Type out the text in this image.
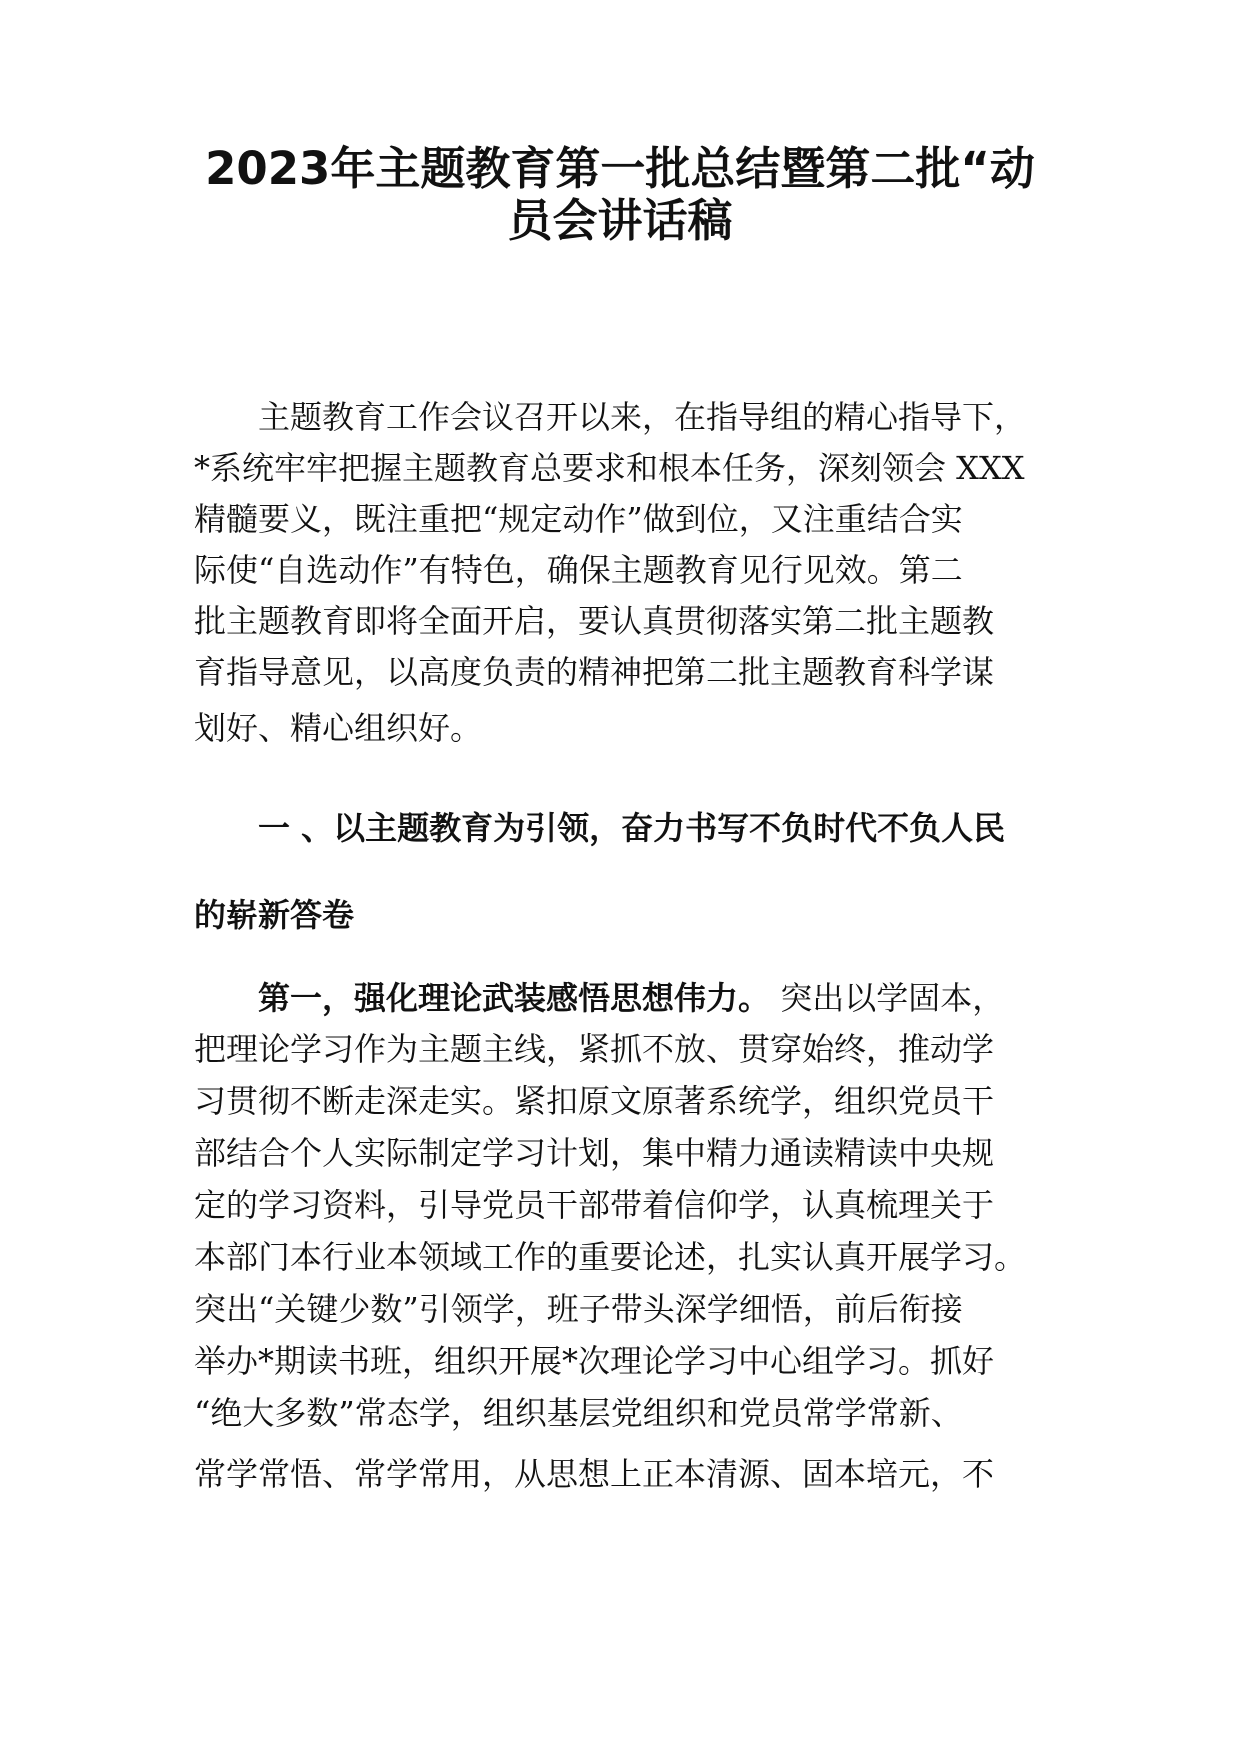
2023年主题教育第一批总结暨第二批“动
员会讲话稿
主题教育工作会议召开以来，在指导组的精心指导下，
*系统牢牢把握主题教育总要求和根本任务，深刻领会 XXX
精髓要义，既注重把“规定动作”做到位，又注重结合实
际使“自选动作”有特色，确保主题教育见行见效。第二
批主题教育即将全面开启，要认真贯彻落实第二批主题教
育指导意见，以高度负责的精神把第二批主题教育科学谋
划好、精心组织好。
一 、以主题教育为引领，奋力书写不负时代不负人民
的崭新答卷
第一，强化理论武装感悟思想伟力。 突出以学固本，
把理论学习作为主题主线，紧抓不放、贯穿始终，推动学
习贯彻不断走深走实。紧扣原文原著系统学，组织党员干
部结合个人实际制定学习计划，集中精力通读精读中央规
定的学习资料，引导党员干部带着信仰学，认真梳理关于
本部门本行业本领域工作的重要论述，扎实认真开展学习。
突出“关键少数”引领学，班子带头深学细悟，前后衔接
举办*期读书班，组织开展*次理论学习中心组学习。抓好
“绝大多数”常态学，组织基层党组织和党员常学常新、
常学常悟、常学常用，从思想上正本清源、固本培元，不
